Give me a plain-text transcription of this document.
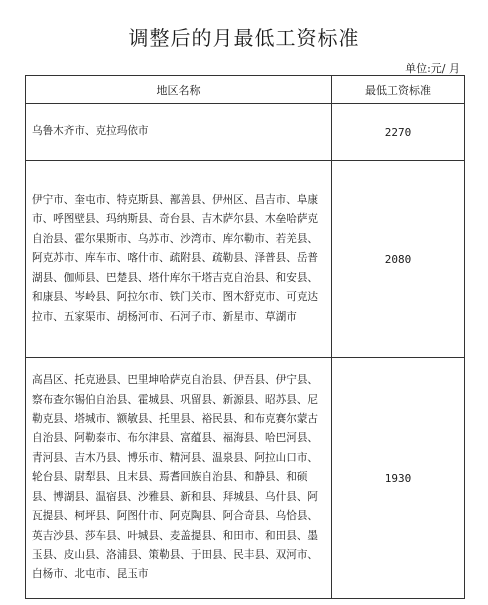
调整后的月最低工资标准
单位:元/ 月
地区名称	最低工资标准
乌鲁木齐市、克拉玛依市	2270
伊宁市、奎屯市、特克斯县、鄯善县、伊州区、昌吉市、阜康市、呼图壁县、玛纳斯县、奇台县、吉木萨尔县、木垒哈萨克自治县、霍尔果斯市、乌苏市、沙湾市、库尔勒市、若羌县、阿克苏市、库车市、喀什市、疏附县、疏勒县、泽普县、岳普湖县、伽师县、巴楚县、塔什库尔干塔吉克自治县、和安县、和康县、岑岭县、阿拉尔市、铁门关市、图木舒克市、可克达拉市、五家渠市、胡杨河市、石河子市、新星市、草湖市	2080
高昌区、托克逊县、巴里坤哈萨克自治县、伊吾县、伊宁县、察布查尔锡伯自治县、霍城县、巩留县、新源县、昭苏县、尼勒克县、塔城市、额敏县、托里县、裕民县、和布克赛尔蒙古自治县、阿勒泰市、布尔津县、富蕴县、福海县、哈巴河县、青河县、吉木乃县、博乐市、精河县、温泉县、阿拉山口市、轮台县、尉犁县、且末县、焉耆回族自治县、和静县、和硕县、博湖县、温宿县、沙雅县、新和县、拜城县、乌什县、阿瓦提县、柯坪县、阿图什市、阿克陶县、阿合奇县、乌恰县、英吉沙县、莎车县、叶城县、麦盖提县、和田市、和田县、墨玉县、皮山县、洛浦县、策勒县、于田县、民丰县、双河市、白杨市、北屯市、昆玉市	1930
